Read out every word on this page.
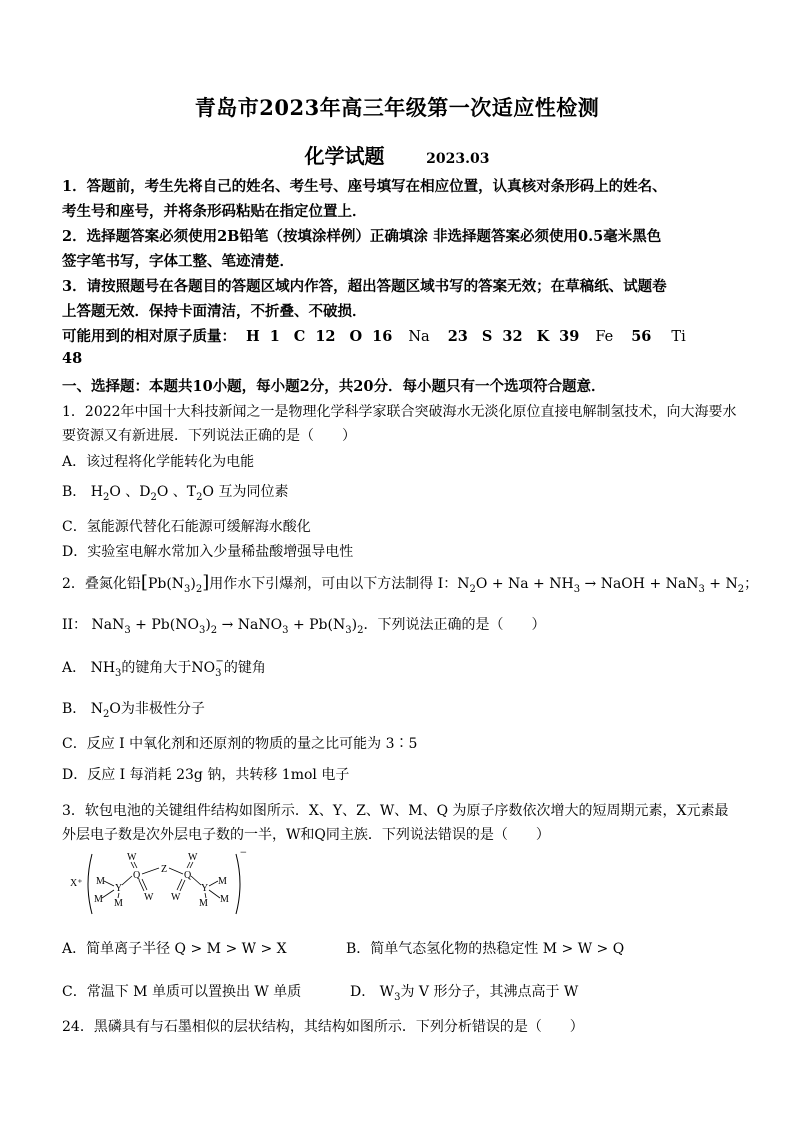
青岛市2023年高三年级第一次适应性检测
化学试题	2023.03
1．答题前，考生先将自己的姓名、考生号、座号填写在相应位置，认真核对条形码上的姓名、
考生号和座号，并将条形码粘贴在指定位置上．
2．选择题答案必须使用2B铅笔（按填涂样例）正确填涂 非选择题答案必须使用0.5毫米黑色
签字笔书写，字体工整、笔迹清楚．
3．请按照题号在各题目的答题区域内作答，超出答题区域书写的答案无效；在草稿纸、试题卷
上答题无效．保持卡面清洁，不折叠、不破损．
可能用到的相对原子质量： H 1 C 12 O 16 Na 23 S 32 K 39 Fe 56 Ti
48
一、选择题：本题共10小题，每小题2分，共20分．每小题只有一个选项符合题意．
1．2022年中国十大科技新闻之一是物理化学科学家联合突破海水无淡化原位直接电解制氢技术，向大海要水
要资源又有新进展．下列说法正确的是（　　）
A．该过程将化学能转化为电能
B． $H_2O$ 、$D_2O$ 、$T_2O$ 互为同位素
C．氢能源代替化石能源可缓解海水酸化
D．实验室电解水常加入少量稀盐酸增强导电性
2．叠氮化铅$[Pb(N_3)_2]$用作水下引爆剂，可由以下方法制得 I：$N_2O + Na + NH_3$ → NaOH + $NaN_3 + N_2$；
II： $NaN_3 + Pb(NO_3)_2$ → NaNO$_3$ + $Pb(N_3)_2$．下列说法正确的是（　　）
A． $NH_3$的键角大于$NO_3^-$的键角
B． $N_2O$为非极性分子
C．反应 I 中氧化剂和还原剂的物质的量之比可能为 3∶5
D．反应 I 每消耗 23g 钠，共转移 1mol 电子
3．软包电池的关键组件结构如图所示．X、Y、Z、W、M、Q 为原子序数依次增大的短周期元素，X元素最
外层电子数是次外层电子数的一半，W和Q同主族．下列说法错误的是（　　）
X⁺
−
M
M M
Y
Q
W
W
Z
Q
W
W
Y
M
M
M
A．简单离子半径 Q > M > W > X	B．简单气态氢化物的热稳定性 M > W > Q
C．常温下 M 单质可以置换出 W 单质	D． $W_3$为 V 形分子，其沸点高于 W
24．黑磷具有与石墨相似的层状结构，其结构如图所示．下列分析错误的是（　　）
